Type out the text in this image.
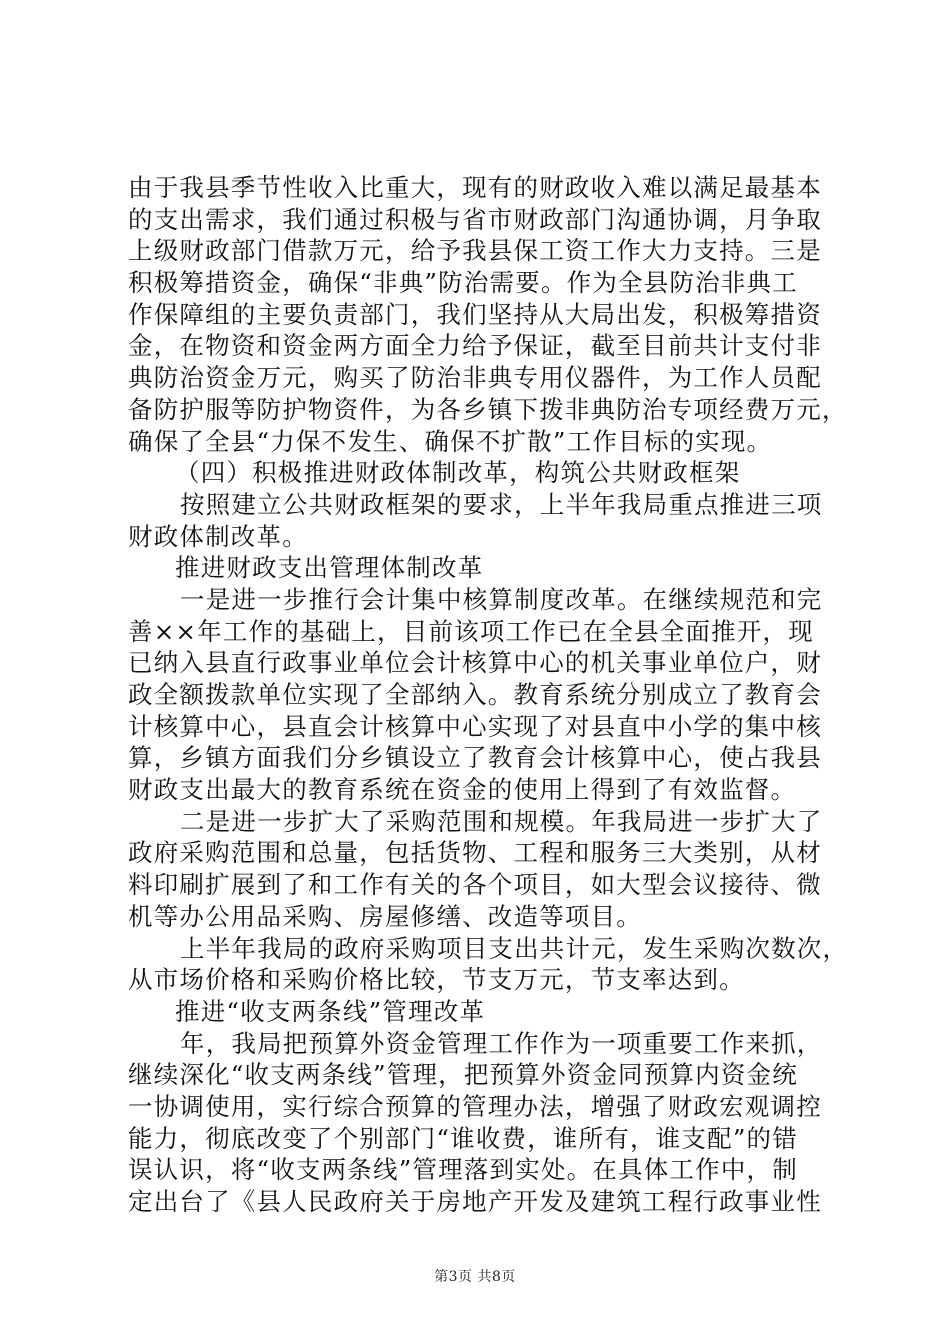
由于我县季节性收入比重大，现有的财政收入难以满足最基本
的支出需求，我们通过积极与省市财政部门沟通协调，月争取
上级财政部门借款万元，给予我县保工资工作大力支持。三是
积极筹措资金，确保“非典”防治需要。作为全县防治非典工
作保障组的主要负责部门，我们坚持从大局出发，积极筹措资
金，在物资和资金两方面全力给予保证，截至目前共计支付非
典防治资金万元，购买了防治非典专用仪器件，为工作人员配
备防护服等防护物资件，为各乡镇下拨非典防治专项经费万元，
确保了全县“力保不发生、确保不扩散”工作目标的实现。
（四）积极推进财政体制改革，构筑公共财政框架
按照建立公共财政框架的要求，上半年我局重点推进三项
财政体制改革。
推进财政支出管理体制改革
一是进一步推行会计集中核算制度改革。在继续规范和完
善××年工作的基础上，目前该项工作已在全县全面推开，现
已纳入县直行政事业单位会计核算中心的机关事业单位户，财
政全额拨款单位实现了全部纳入。教育系统分别成立了教育会
计核算中心，县直会计核算中心实现了对县直中小学的集中核
算，乡镇方面我们分乡镇设立了教育会计核算中心，使占我县
财政支出最大的教育系统在资金的使用上得到了有效监督。
二是进一步扩大了采购范围和规模。年我局进一步扩大了
政府采购范围和总量，包括货物、工程和服务三大类别，从材
料印刷扩展到了和工作有关的各个项目，如大型会议接待、微
机等办公用品采购、房屋修缮、改造等项目。
上半年我局的政府采购项目支出共计元，发生采购次数次，
从市场价格和采购价格比较，节支万元，节支率达到。
推进“收支两条线”管理改革
年，我局把预算外资金管理工作作为一项重要工作来抓，
继续深化“收支两条线”管理，把预算外资金同预算内资金统
一协调使用，实行综合预算的管理办法，增强了财政宏观调控
能力，彻底改变了个别部门“谁收费，谁所有，谁支配”的错
误认识，将“收支两条线”管理落到实处。在具体工作中，制
定出台了《县人民政府关于房地产开发及建筑工程行政事业性
第3页 共8页
